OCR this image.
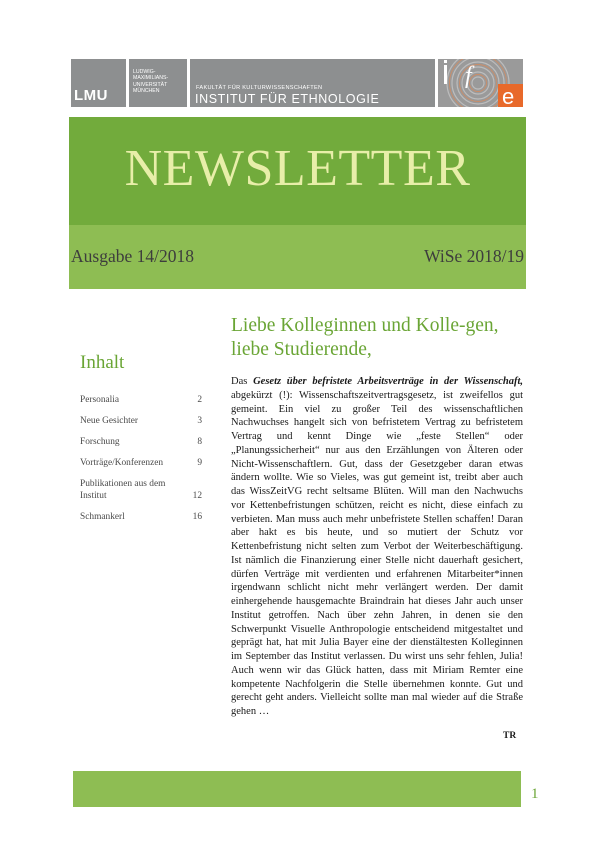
LMU
LUDWIG-
MAXIMILIANS-
UNIVERSITÄT
MÜNCHEN
FAKULTÄT FÜR KULTURWISSENSCHAFTEN
INSTITUT FÜR ETHNOLOGIE
f
e
NEWSLETTER
Ausgabe 14/2018	WiSe 2018/19
Inhalt
Personalia	2
Neue Gesichter	3
Forschung	8
Vorträge/Konferenzen	9
Publikationen aus dem Institut	12
Schmankerl	16
Liebe Kolleginnen und Kolle-gen, liebe Studierende,
Das Gesetz über befristete Arbeitsverträge in der Wissenschaft, abgekürzt (!): Wissenschaftszeitvertragsgesetz, ist zweifellos gut gemeint. Ein viel zu großer Teil des wissenschaftlichen Nachwuchses hangelt sich von befristetem Vertrag zu befristetem Vertrag und kennt Dinge wie „feste Stellen“ oder „Planungssicherheit“ nur aus den Erzählungen von Älteren oder Nicht-Wissenschaftlern. Gut, dass der Gesetzgeber daran etwas ändern wollte. Wie so Vieles, was gut gemeint ist, treibt aber auch das WissZeitVG recht seltsame Blüten. Will man den Nachwuchs vor Kettenbefristungen schützen, reicht es nicht, diese einfach zu verbieten. Man muss auch mehr unbefristete Stellen schaffen! Daran aber hakt es bis heute, und so mutiert der Schutz vor Kettenbefristung nicht selten zum Verbot der Weiterbeschäftigung. Ist nämlich die Finanzierung einer Stelle nicht dauerhaft gesichert, dürfen Verträge mit verdienten und erfahrenen Mitarbeiter*innen irgendwann schlicht nicht mehr verlängert werden. Der damit einhergehende hausgemachte Braindrain hat dieses Jahr auch unser Institut getroffen. Nach über zehn Jahren, in denen sie den Schwerpunkt Visuelle Anthropologie entscheidend mitgestaltet und geprägt hat, hat mit Julia Bayer eine der dienstältesten Kolleginnen im September das Institut verlassen. Du wirst uns sehr fehlen, Julia! Auch wenn wir das Glück hatten, dass mit Miriam Remter eine kompetente Nachfolgerin die Stelle übernehmen konnte. Gut und gerecht geht anders. Vielleicht sollte man mal wieder auf die Straße gehen …
TR
1
